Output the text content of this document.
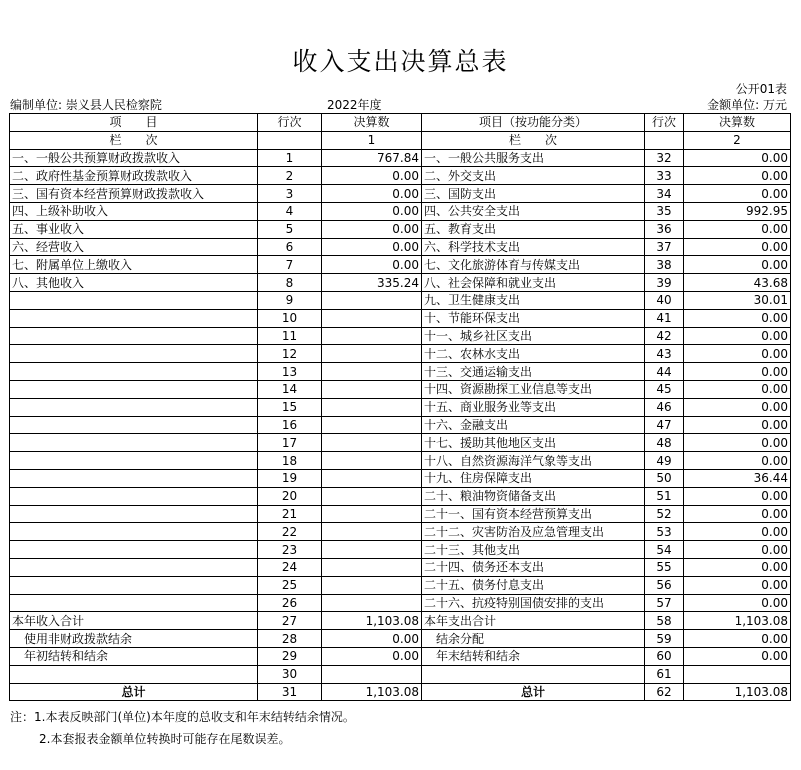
收入支出决算总表
公开01表
编制单位: 崇义县人民检察院	2022年度	金额单位: 万元
项　　目	行次	决算数	项目（按功能分类）	行次	决算数
栏　　次		1	栏　　次		2
一、一般公共预算财政拨款收入	1	767.84	一、一般公共服务支出	32	0.00
二、政府性基金预算财政拨款收入	2	0.00	二、外交支出	33	0.00
三、国有资本经营预算财政拨款收入	3	0.00	三、国防支出	34	0.00
四、上级补助收入	4	0.00	四、公共安全支出	35	992.95
五、事业收入	5	0.00	五、教育支出	36	0.00
六、经营收入	6	0.00	六、科学技术支出	37	0.00
七、附属单位上缴收入	7	0.00	七、文化旅游体育与传媒支出	38	0.00
八、其他收入	8	335.24	八、社会保障和就业支出	39	43.68
	9		九、卫生健康支出	40	30.01
	10		十、节能环保支出	41	0.00
	11		十一、城乡社区支出	42	0.00
	12		十二、农林水支出	43	0.00
	13		十三、交通运输支出	44	0.00
	14		十四、资源勘探工业信息等支出	45	0.00
	15		十五、商业服务业等支出	46	0.00
	16		十六、金融支出	47	0.00
	17		十七、援助其他地区支出	48	0.00
	18		十八、自然资源海洋气象等支出	49	0.00
	19		十九、住房保障支出	50	36.44
	20		二十、粮油物资储备支出	51	0.00
	21		二十一、国有资本经营预算支出	52	0.00
	22		二十二、灾害防治及应急管理支出	53	0.00
	23		二十三、其他支出	54	0.00
	24		二十四、债务还本支出	55	0.00
	25		二十五、债务付息支出	56	0.00
	26		二十六、抗疫特别国债安排的支出	57	0.00
本年收入合计	27	1,103.08	本年支出合计	58	1,103.08
使用非财政拨款结余	28	0.00	结余分配	59	0.00
年初结转和结余	29	0.00	年末结转和结余	60	0.00
	30			61	
总计	31	1,103.08	总计	62	1,103.08
注：1.本表反映部门(单位)本年度的总收支和年末结转结余情况。
2.本套报表金额单位转换时可能存在尾数误差。
